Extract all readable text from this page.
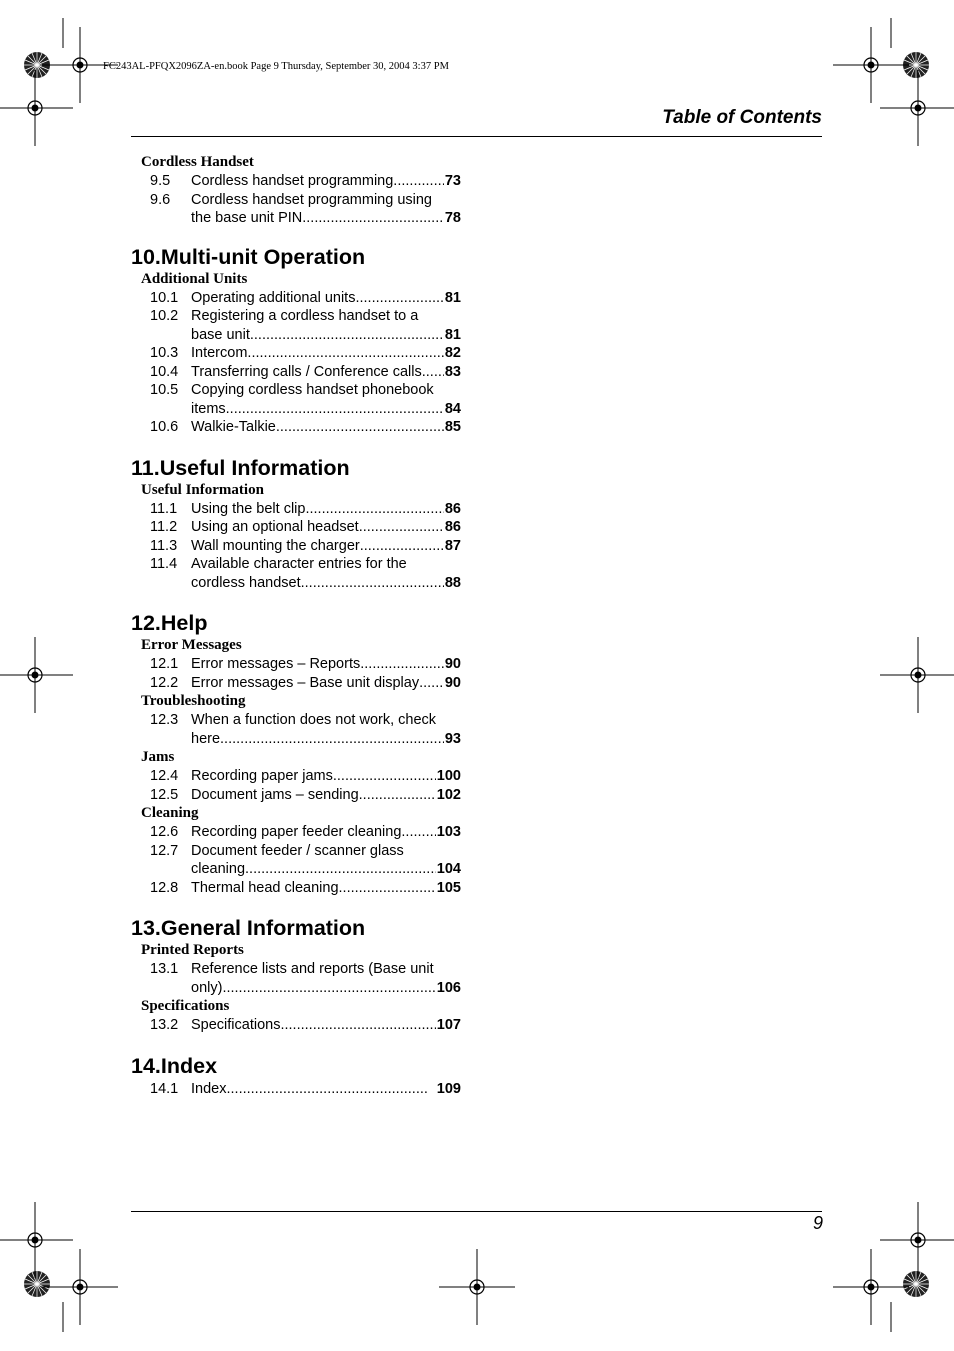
FC243AL-PFQX2096ZA-en.book Page 9 Thursday, September 30, 2004 3:37 PM
Table of Contents
Cordless Handset
9.5	Cordless handset programming .....	73
9.6	Cordless handset programming using
the base unit PIN .....	78
10.Multi-unit Operation
Additional Units
10.1 Operating additional units .....	81
10.2 Registering a cordless handset to a
base unit .....	81
10.3 Intercom .....	82
10.4 Transferring calls / Conference calls ..... 83
10.5 Copying cordless handset phonebook
items .....	84
10.6 Walkie-Talkie .....	85
11.Useful Information
Useful Information
11.1 Using the belt clip .....	86
11.2 Using an optional headset .....	86
11.3 Wall mounting the charger .....	87
11.4 Available character entries for the
cordless handset .....	88
12.Help
Error Messages
12.1 Error messages – Reports .....	90
12.2 Error messages – Base unit display ..... 90
Troubleshooting
12.3 When a function does not work, check
here .....	93
Jams
12.4 Recording paper jams .....	100
12.5 Document jams – sending .....	102
Cleaning
12.6 Recording paper feeder cleaning ..... 103
12.7 Document feeder / scanner glass
cleaning .....	104
12.8 Thermal head cleaning .....	105
13.General Information
Printed Reports
13.1 Reference lists and reports (Base unit
only) .....	106
Specifications
13.2 Specifications .....	107
14.Index
14.1 Index .....	109
9
